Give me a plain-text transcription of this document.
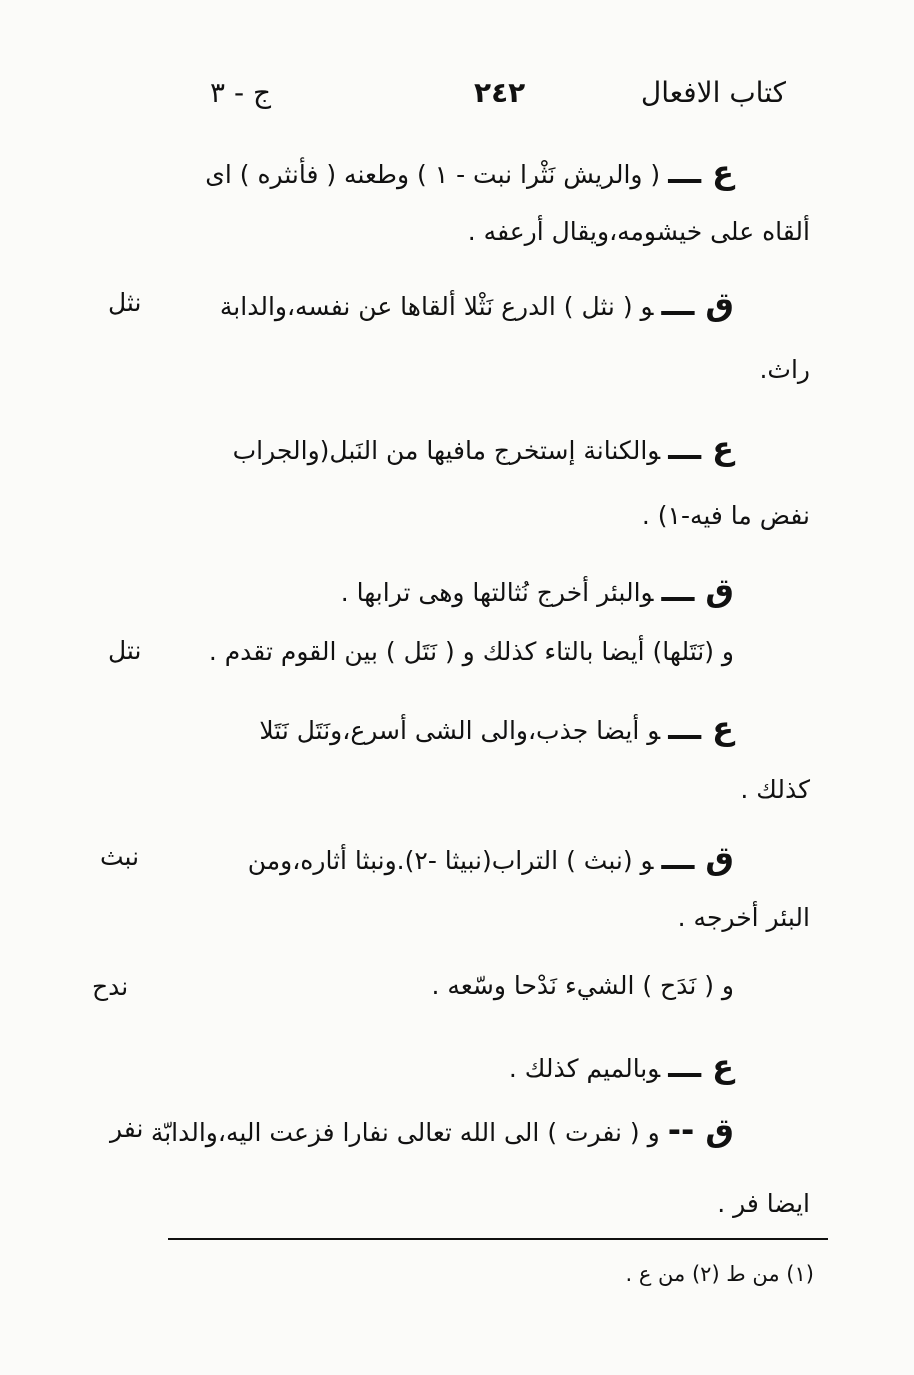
كتاب الافعال
٢٤٢
ج - ٣
ع ـــ( والريش نَثْرا نبت - ١ ) وطعنه ( فأنثره ) اى
ألقاه على خيشومه،ويقال أرعفه .
ق ـــو ( نثل ) الدرع نَثْلا ألقاها عن نفسه،والدابة
راث.
ع ـــوالكنانة إستخرج مافيها من النَبل(والجراب
نفض ما فيه-١) .
ق ـــوالبئر أخرج نُثالتها وهى ترابها .
و (نَتَلها) أيضا بالتاء كذلك و ( نَتَل ) بين القوم تقدم .
ع ـــو أيضا جذب،والى الشى أسرع،ونَتَل نَتَلا
كذلك .
ق ـــو (نبث ) التراب(نبيثا -٢).ونبثا أثاره،ومن
البئر أخرجه .
و ( نَدَح ) الشيء نَدْحا وسّعه .
ع ـــوبالميم كذلك .
ق --و ( نفرت ) الى الله تعالى نفارا فزعت اليه،والدابّة
ايضا فر .
نثل
نتل
نبث
ندح
نفر
(١) من ط (٢) من ع .
